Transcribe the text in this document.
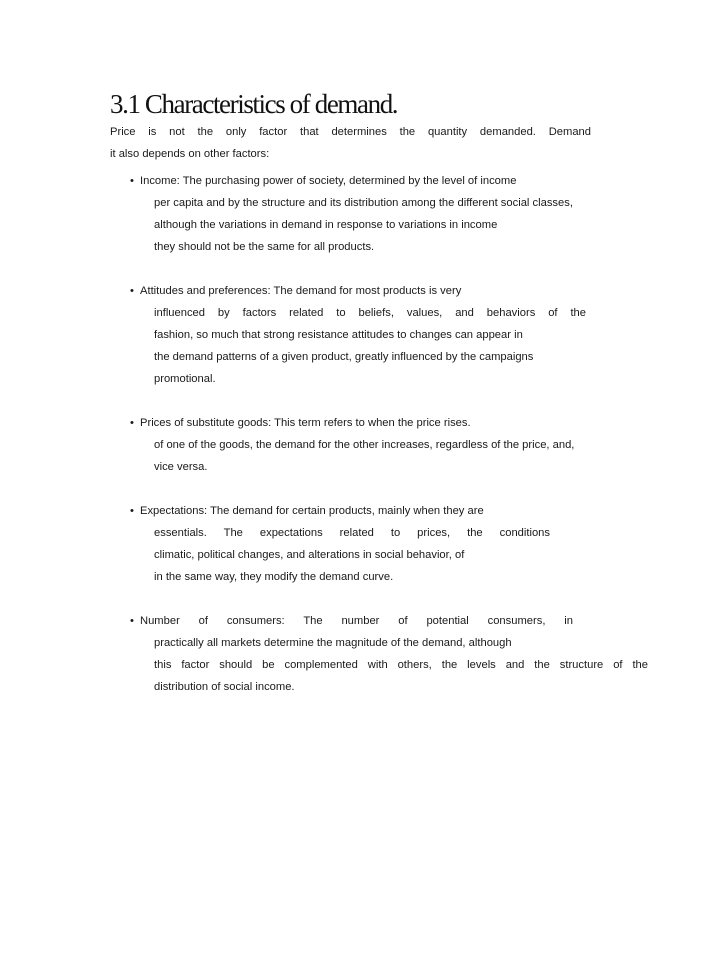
3.1 Characteristics of demand.
Price is not the only factor that determines the quantity demanded. Demand
it also depends on other factors:
• Income: The purchasing power of society, determined by the level of income
per capita and by the structure and its distribution among the different social classes,
although the variations in demand in response to variations in income
they should not be the same for all products.
• Attitudes and preferences: The demand for most products is very
influenced by factors related to beliefs, values, and behaviors of the
fashion, so much that strong resistance attitudes to changes can appear in
the demand patterns of a given product, greatly influenced by the campaigns
promotional.
• Prices of substitute goods: This term refers to when the price rises.
of one of the goods, the demand for the other increases, regardless of the price, and,
vice versa.
• Expectations: The demand for certain products, mainly when they are
essentials. The expectations related to prices, the conditions
climatic, political changes, and alterations in social behavior, of
in the same way, they modify the demand curve.
• Number of consumers: The number of potential consumers, in
practically all markets determine the magnitude of the demand, although
this factor should be complemented with others, the levels and the structure of the
distribution of social income.
